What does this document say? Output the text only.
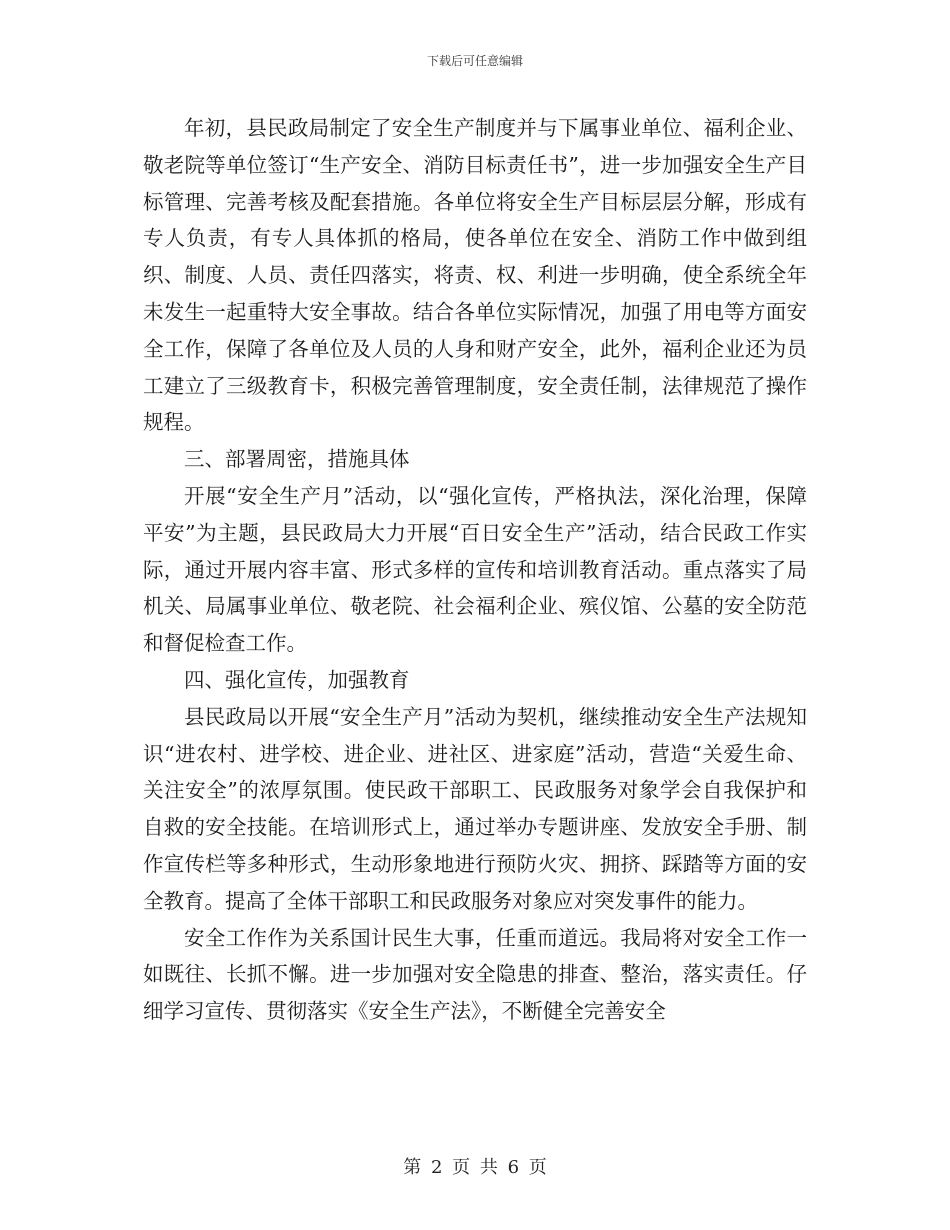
下载后可任意编辑

年初，县民政局制定了安全生产制度并与下属事业单位、福利企业、敬老院等单位签订“生产安全、消防目标责任书”，进一步加强安全生产目标管理、完善考核及配套措施。各单位将安全生产目标层层分解，形成有专人负责，有专人具体抓的格局，使各单位在安全、消防工作中做到组织、制度、人员、责任四落实，将责、权、利进一步明确，使全系统全年未发生一起重特大安全事故。结合各单位实际情况，加强了用电等方面安全工作，保障了各单位及人员的人身和财产安全，此外，福利企业还为员工建立了三级教育卡，积极完善管理制度，安全责任制，法律规范了操作规程。

三、部署周密，措施具体

开展“安全生产月”活动，以“强化宣传，严格执法，深化治理，保障平安”为主题，县民政局大力开展“百日安全生产”活动，结合民政工作实际，通过开展内容丰富、形式多样的宣传和培训教育活动。重点落实了局机关、局属事业单位、敬老院、社会福利企业、殡仪馆、公墓的安全防范和督促检查工作。

四、强化宣传，加强教育

县民政局以开展“安全生产月”活动为契机，继续推动安全生产法规知识“进农村、进学校、进企业、进社区、进家庭”活动，营造“关爱生命、关注安全”的浓厚氛围。使民政干部职工、民政服务对象学会自我保护和自救的安全技能。在培训形式上，通过举办专题讲座、发放安全手册、制作宣传栏等多种形式，生动形象地进行预防火灾、拥挤、踩踏等方面的安全教育。提高了全体干部职工和民政服务对象应对突发事件的能力。

安全工作作为关系国计民生大事，任重而道远。我局将对安全工作一如既往、长抓不懈。进一步加强对安全隐患的排查、整治，落实责任。仔细学习宣传、贯彻落实《安全生产法》，不断健全完善安全

第 2 页 共 6 页
